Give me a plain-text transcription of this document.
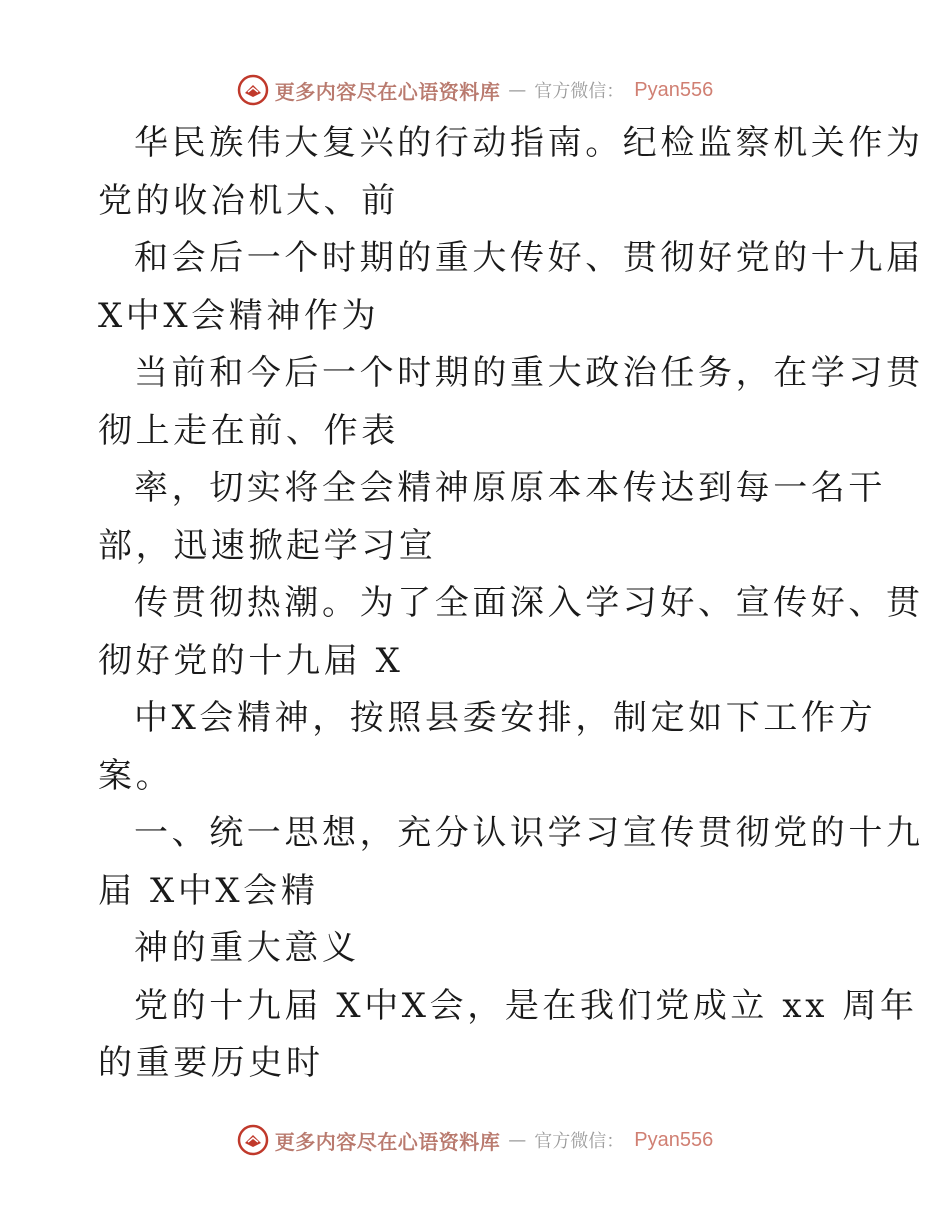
更多内容尽在心语资料库 — 官方微信： Pyan556
华民族伟大复兴的行动指南。纪检监察机关作为
党的收冶机大、前
和会后一个时期的重大传好、贯彻好党的十九届
X中X会精神作为
当前和今后一个时期的重大政治任务，在学习贯
彻上走在前、作表
率，切实将全会精神原原本本传达到每一名干
部，迅速掀起学习宣
传贯彻热潮。为了全面深入学习好、宣传好、贯
彻好党的十九届 X
中X会精神，按照县委安排，制定如下工作方
案。
一、统一思想，充分认识学习宣传贯彻党的十九
届 X中X会精
神的重大意义
党的十九届 X中X会，是在我们党成立 xx 周年
的重要历史时
更多内容尽在心语资料库 — 官方微信： Pyan556
